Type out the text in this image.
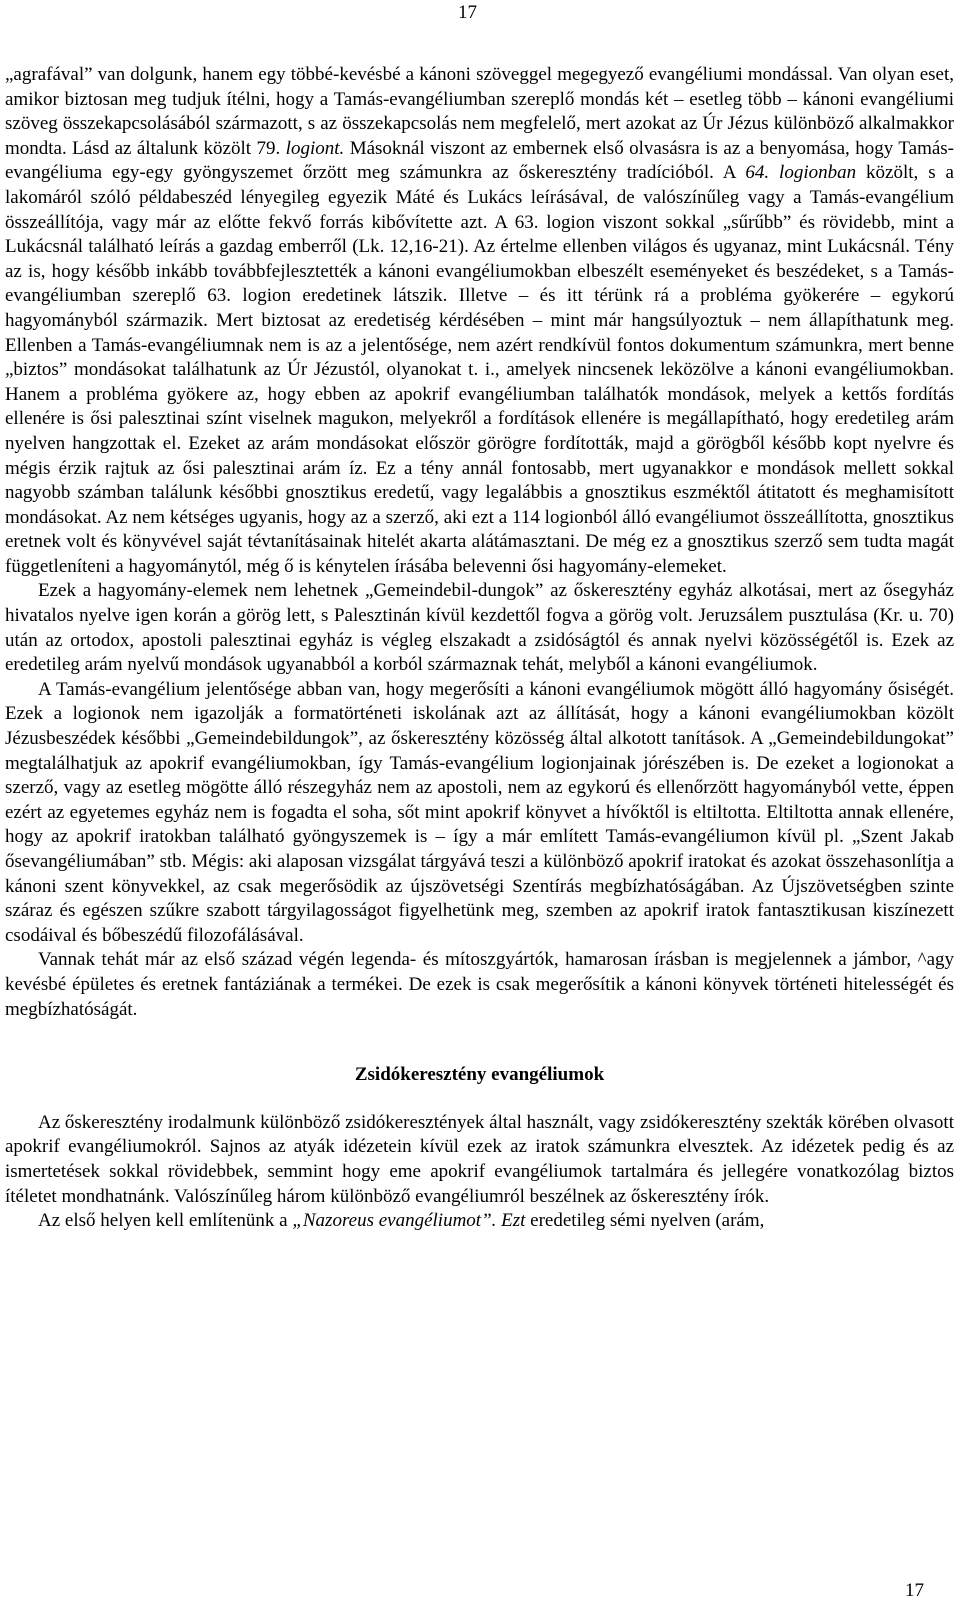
17

„agrafával” van dolgunk, hanem egy többé-kevésbé a kánoni szöveggel megegyező evangéliumi mondással. Van olyan eset, amikor biztosan meg tudjuk ítélni, hogy a Tamás-evangéliumban szereplő mondás két – esetleg több – kánoni evangéliumi szöveg összekapcsolásából származott, s az összekapcsolás nem megfelelő, mert azokat az Úr Jézus különböző alkalmakkor mondta. Lásd az általunk közölt 79. logiont. Másoknál viszont az embernek első olvasásra is az a benyomása, hogy Tamás-evangéliuma egy-egy gyöngyszemet őrzött meg számunkra az őskeresztény tradícióból. A 64. logionban közölt, s a lakomáról szóló példabeszéd lényegileg egyezik Máté és Lukács leírásával, de valószínűleg vagy a Tamás-evangélium összeállítója, vagy már az előtte fekvő forrás kibővítette azt. A 63. logion viszont sokkal „sűrűbb” és rövidebb, mint a Lukácsnál található leírás a gazdag emberről (Lk. 12,16-21). Az értelme ellenben világos és ugyanaz, mint Lukácsnál. Tény az is, hogy később inkább továbbfejlesztették a kánoni evangéliumokban elbeszélt eseményeket és beszédeket, s a Tamás-evangéliumban szereplő 63. logion eredetinek látszik. Illetve – és itt térünk rá a probléma gyökerére – egykorú hagyományból származik. Mert biztosat az eredetiség kérdésében – mint már hangsúlyoztuk – nem állapíthatunk meg. Ellenben a Tamás-evangéliumnak nem is az a jelentősége, nem azért rendkívül fontos dokumentum számunkra, mert benne „biztos” mondásokat találhatunk az Úr Jézustól, olyanokat t. i., amelyek nincsenek leközölve a kánoni evangéliumokban. Hanem a probléma gyökere az, hogy ebben az apokrif evangéliumban találhatók mondások, melyek a kettős fordítás ellenére is ősi palesztinai színt viselnek magukon, melyekről a fordítások ellenére is megállapítható, hogy eredetileg arám nyelven hangzottak el. Ezeket az arám mondásokat először görögre fordították, majd a görögből később kopt nyelvre és mégis érzik rajtuk az ősi palesztinai arám íz. Ez a tény annál fontosabb, mert ugyanakkor e mondások mellett sokkal nagyobb számban találunk későbbi gnosztikus eredetű, vagy legalábbis a gnosztikus eszméktől átitatott és meghamisított mondásokat. Az nem kétséges ugyanis, hogy az a szerző, aki ezt a 114 logionból álló evangéliumot összeállította, gnosztikus eretnek volt és könyvével saját tévtanításainak hitelét akarta alátámasztani. De még ez a gnosztikus szerző sem tudta magát függetleníteni a hagyománytól, még ő is kénytelen írásába belevenni ősi hagyomány-elemeket.

Ezek a hagyomány-elemek nem lehetnek „Gemeindebil-dungok” az őskeresztény egyház alkotásai, mert az ősegyház hivatalos nyelve igen korán a görög lett, s Palesztinán kívül kezdettől fogva a görög volt. Jeruzsálem pusztulása (Kr. u. 70) után az ortodox, apostoli palesztinai egyház is végleg elszakadt a zsidóságtól és annak nyelvi közösségétől is. Ezek az eredetileg arám nyelvű mondások ugyanabból a korból származnak tehát, melyből a kánoni evangéliumok.

A Tamás-evangélium jelentősége abban van, hogy megerősíti a kánoni evangéliumok mögött álló hagyomány ősiségét. Ezek a logionok nem igazolják a formatörténeti iskolának azt az állítását, hogy a kánoni evangéliumokban közölt Jézusbeszédek későbbi „Gemeindebildungok”, az őskeresztény közösség által alkotott tanítások. A „Gemeindebildungokat” megtalálhatjuk az apokrif evangéliumokban, így Tamás-evangélium logionjainak jórészében is. De ezeket a logionokat a szerző, vagy az esetleg mögötte álló részegyház nem az apostoli, nem az egykorú és ellenőrzött hagyományból vette, éppen ezért az egyetemes egyház nem is fogadta el soha, sőt mint apokrif könyvet a hívőktől is eltiltotta. Eltiltotta annak ellenére, hogy az apokrif iratokban található gyöngyszemek is – így a már említett Tamás-evangéliumon kívül pl. „Szent Jakab ősevangéliumában” stb. Mégis: aki alaposan vizsgálat tárgyává teszi a különböző apokrif iratokat és azokat összehasonlítja a kánoni szent könyvekkel, az csak megerősödik az újszövetségi Szentírás megbízhatóságában. Az Újszövetségben szinte száraz és egészen szűkre szabott tárgyilagosságot figyelhetünk meg, szemben az apokrif iratok fantasztikusan kiszínezett csodáival és bőbeszédű filozofálásával.

Vannak tehát már az első század végén legenda- és mítoszgyártók, hamarosan írásban is megjelennek a jámbor, ^agy kevésbé épületes és eretnek fantáziának a termékei. De ezek is csak megerősítik a kánoni könyvek történeti hitelességét és megbízhatóságát.

Zsidókeresztény evangéliumok

Az őskeresztény irodalmunk különböző zsidókeresztények által használt, vagy zsidókeresztény szekták körében olvasott apokrif evangéliumokról. Sajnos az atyák idézetein kívül ezek az iratok számunkra elvesztek. Az idézetek pedig és az ismertetések sokkal rövidebbek, semmint hogy eme apokrif evangéliumok tartalmára és jellegére vonatkozólag biztos ítéletet mondhatnánk. Valószínűleg három különböző evangéliumról beszélnek az őskeresztény írók.

Az első helyen kell említenünk a „Nazoreus evangéliumot”. Ezt eredetileg sémi nyelven (arám,

17
